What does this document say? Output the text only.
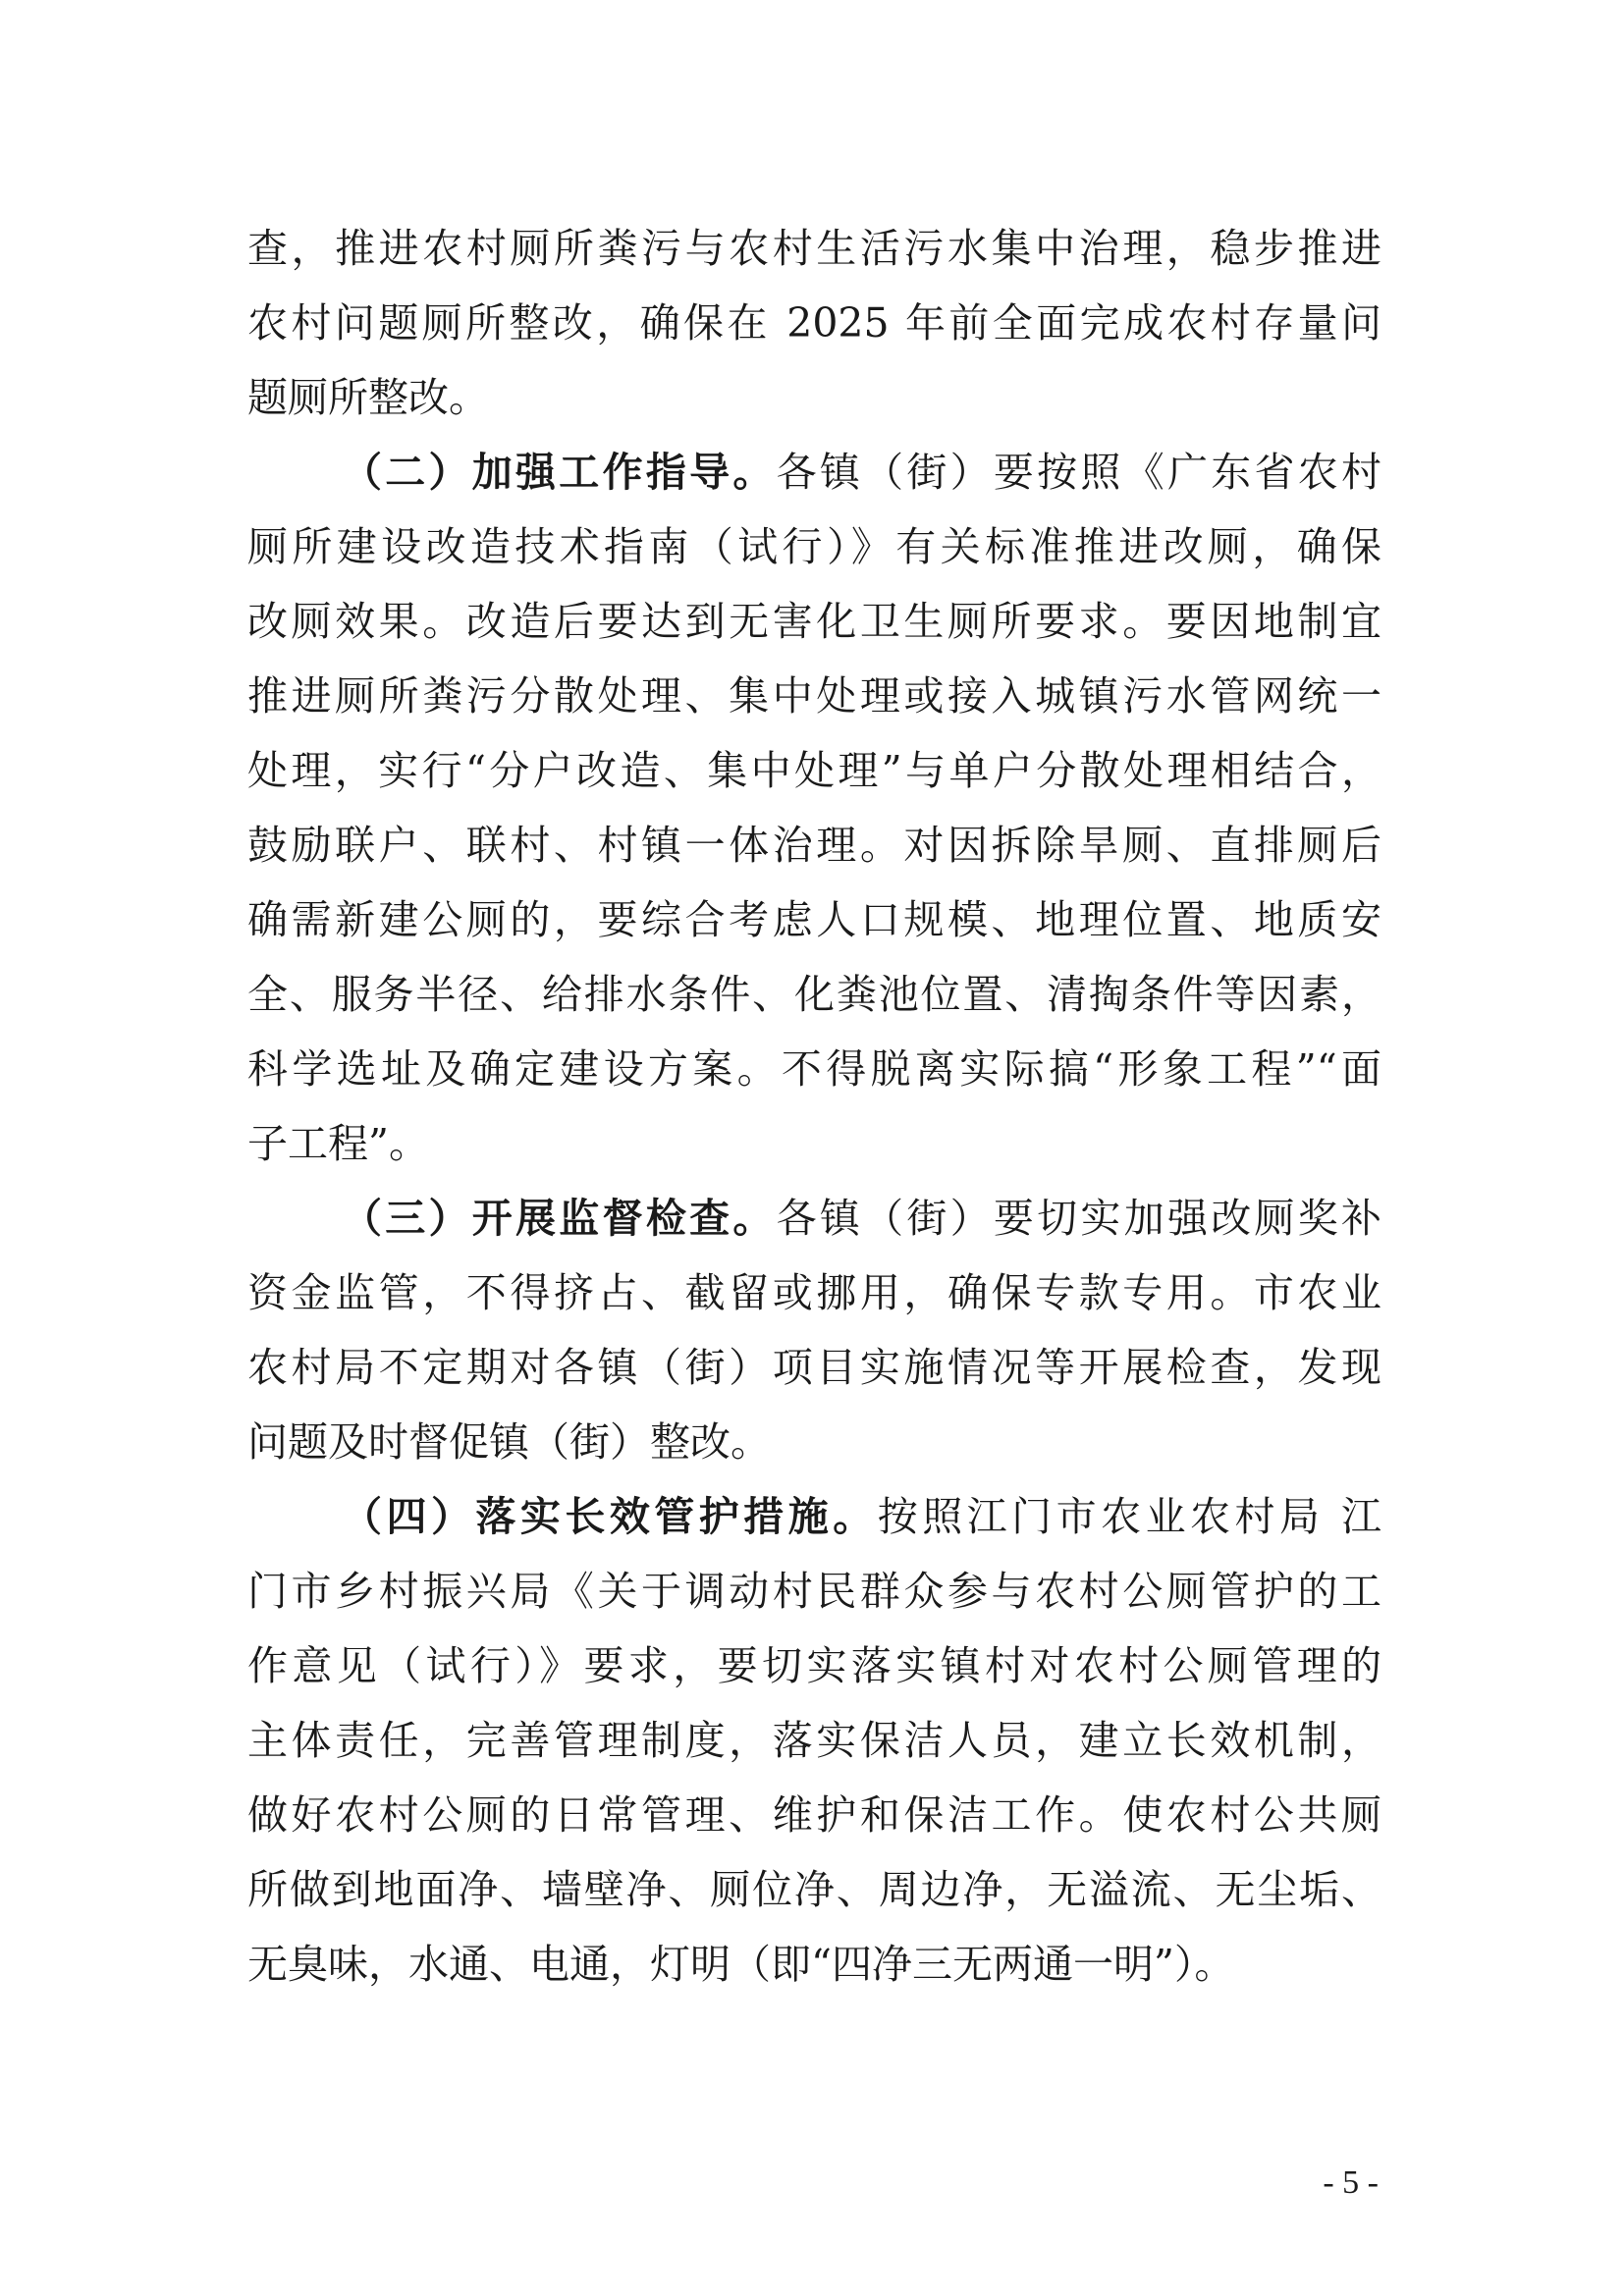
查，推进农村厕所粪污与农村生活污水集中治理，稳步推进
农村问题厕所整改，确保在 2025 年前全面完成农村存量问
题厕所整改。
（二）加强工作指导。各镇（街）要按照《广东省农村
厕所建设改造技术指南（试行）》有关标准推进改厕，确保
改厕效果。改造后要达到无害化卫生厕所要求。要因地制宜
推进厕所粪污分散处理、集中处理或接入城镇污水管网统一
处理，实行“分户改造、集中处理”与单户分散处理相结合，
鼓励联户、联村、村镇一体治理。对因拆除旱厕、直排厕后
确需新建公厕的，要综合考虑人口规模、地理位置、地质安
全、服务半径、给排水条件、化粪池位置、清掏条件等因素，
科学选址及确定建设方案。不得脱离实际搞“形象工程”“面
子工程”。
（三）开展监督检查。各镇（街）要切实加强改厕奖补
资金监管，不得挤占、截留或挪用，确保专款专用。市农业
农村局不定期对各镇（街）项目实施情况等开展检查，发现
问题及时督促镇（街）整改。
（四）落实长效管护措施。按照江门市农业农村局 江
门市乡村振兴局《关于调动村民群众参与农村公厕管护的工
作意见（试行）》要求，要切实落实镇村对农村公厕管理的
主体责任，完善管理制度，落实保洁人员，建立长效机制，
做好农村公厕的日常管理、维护和保洁工作。使农村公共厕
所做到地面净、墙壁净、厕位净、周边净，无溢流、无尘垢、
无臭味，水通、电通，灯明（即“四净三无两通一明”）。
- 5 -
